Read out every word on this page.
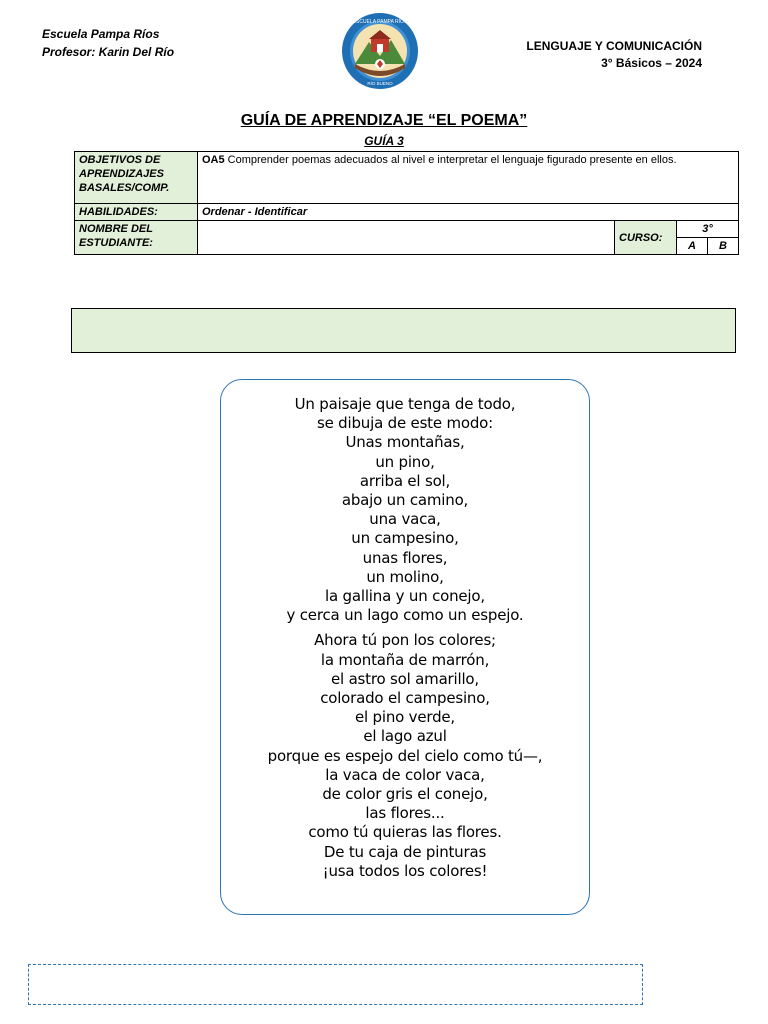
Escuela Pampa Ríos
Profesor: Karin Del Río
ESCUELA PAMPA RÍOS
RÍO BUENO
LENGUAJE Y COMUNICACIÓN
3° Básicos – 2024
GUÍA DE APRENDIZAJE “EL POEMA”
GUÍA 3
OBJETIVOS DE APRENDIZAJES BASALES/COMP.	OA5 Comprender poemas adecuados al nivel e interpretar el lenguaje figurado presente en ellos.			
HABILIDADES:	Ordenar - Identificar			
NOMBRE DEL ESTUDIANTE:		CURSO:	3°	
			A	B
Un paisaje que tenga de todo,
se dibuja de este modo:
Unas montañas,
un pino,
arriba el sol,
abajo un camino,
una vaca,
un campesino,
unas flores,
un molino,
la gallina y un conejo,
y cerca un lago como un espejo.
Ahora tú pon los colores;
la montaña de marrón,
el astro sol amarillo,
colorado el campesino,
el pino verde,
el lago azul
porque es espejo del cielo como tú—,
la vaca de color vaca,
de color gris el conejo,
las flores...
como tú quieras las flores.
De tu caja de pinturas
¡usa todos los colores!
